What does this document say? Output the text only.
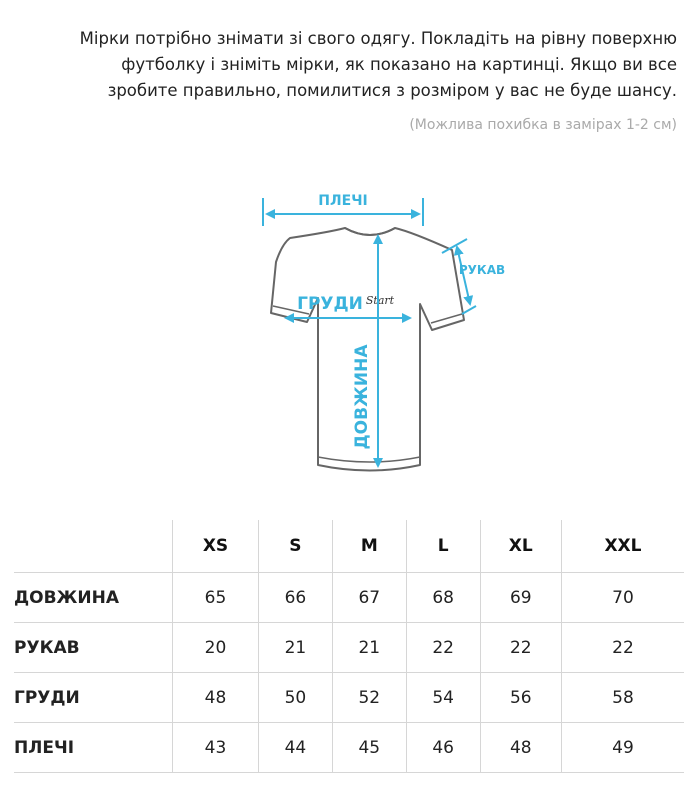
Мірки потрібно знімати зі свого одягу. Покладіть на рівну поверхню
футболку і зніміть мірки, як показано на картинці. Якщо ви все
зробите правильно, помилитися з розміром у вас не буде шансу.
(Можлива похибка в замірах 1-2 см)
ПЛЕЧІ
РУКАВ
ГРУДИ Start
ДОВЖИНА
	XS	S	M	L	XL	XXL
ДОВЖИНА	65	66	67	68	69	70
РУКАВ	20	21	21	22	22	22
ГРУДИ	48	50	52	54	56	58
ПЛЕЧІ	43	44	45	46	48	49
